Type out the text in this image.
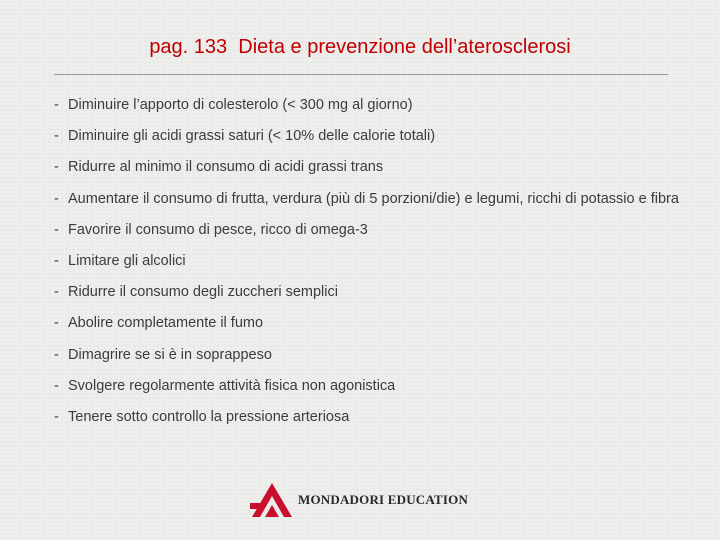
pag. 133  Dieta e prevenzione dell’aterosclerosi
- Diminuire l’apporto di colesterolo (< 300 mg al giorno)
- Diminuire gli acidi grassi saturi (< 10% delle calorie totali)
- Ridurre al minimo il consumo di acidi grassi trans
- Aumentare il consumo di frutta, verdura (più di 5 porzioni/die) e legumi, ricchi di potassio e fibra
- Favorire il consumo di pesce, ricco di omega-3
- Limitare gli alcolici
- Ridurre il consumo degli zuccheri semplici
- Abolire completamente il fumo
- Dimagrire se si è in soprappeso
- Svolgere regolarmente attività fisica non agonistica
- Tenere sotto controllo la pressione arteriosa
MONDADORI EDUCATION
